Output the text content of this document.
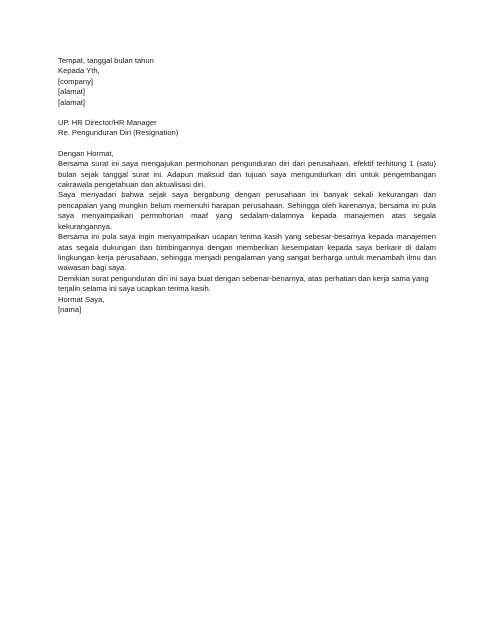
Tempat, tanggal bulan tahun

Kepada Yth,
[company]
[alamat]
[alamat]
UP. HR Director/HR Manager
Re. Pengunduran Diri (Resignation)

Dengan Hormat,

Bersama surat ini saya mengajukan permohonan pengunduran diri dari perusahaan, efektif terhitung 1 (satu) bulan sejak tanggal surat ini. Adapun maksud dan tujuan saya mengundurkan diri untuk pengembangan cakrawala pengetahuan dan aktualisasi diri.

Saya menyadari bahwa sejak saya bergabung dengan perusahaan ini banyak sekali kekurangan dan pencapaian yang mungkin belum memenuhi harapan perusahaan. Sehingga oleh karenanya, bersama ini pula saya menyampaikan permohonan maaf yang sedalam-dalamnya kepada manajemen atas segala kekurangannya.

Bersama ini pula saya ingin menyampaikan ucapan terima kasih yang sebesar-besarnya kepada manajemen atas segala dukungan dan bimbingannya dengan memberikan kesempatan kepada saya berkarir di dalam lingkungan kerja perusahaan, sehingga menjadi pengalaman yang sangat berharga untuk menambah ilmu dan wawasan bagi saya.

Demikian surat pengunduran diri ini saya buat dengan sebenar-benarnya, atas perhatian dan kerja sama yang terjalin selama ini saya ucapkan terima kasih.

Hormat Saya,

[nama]
